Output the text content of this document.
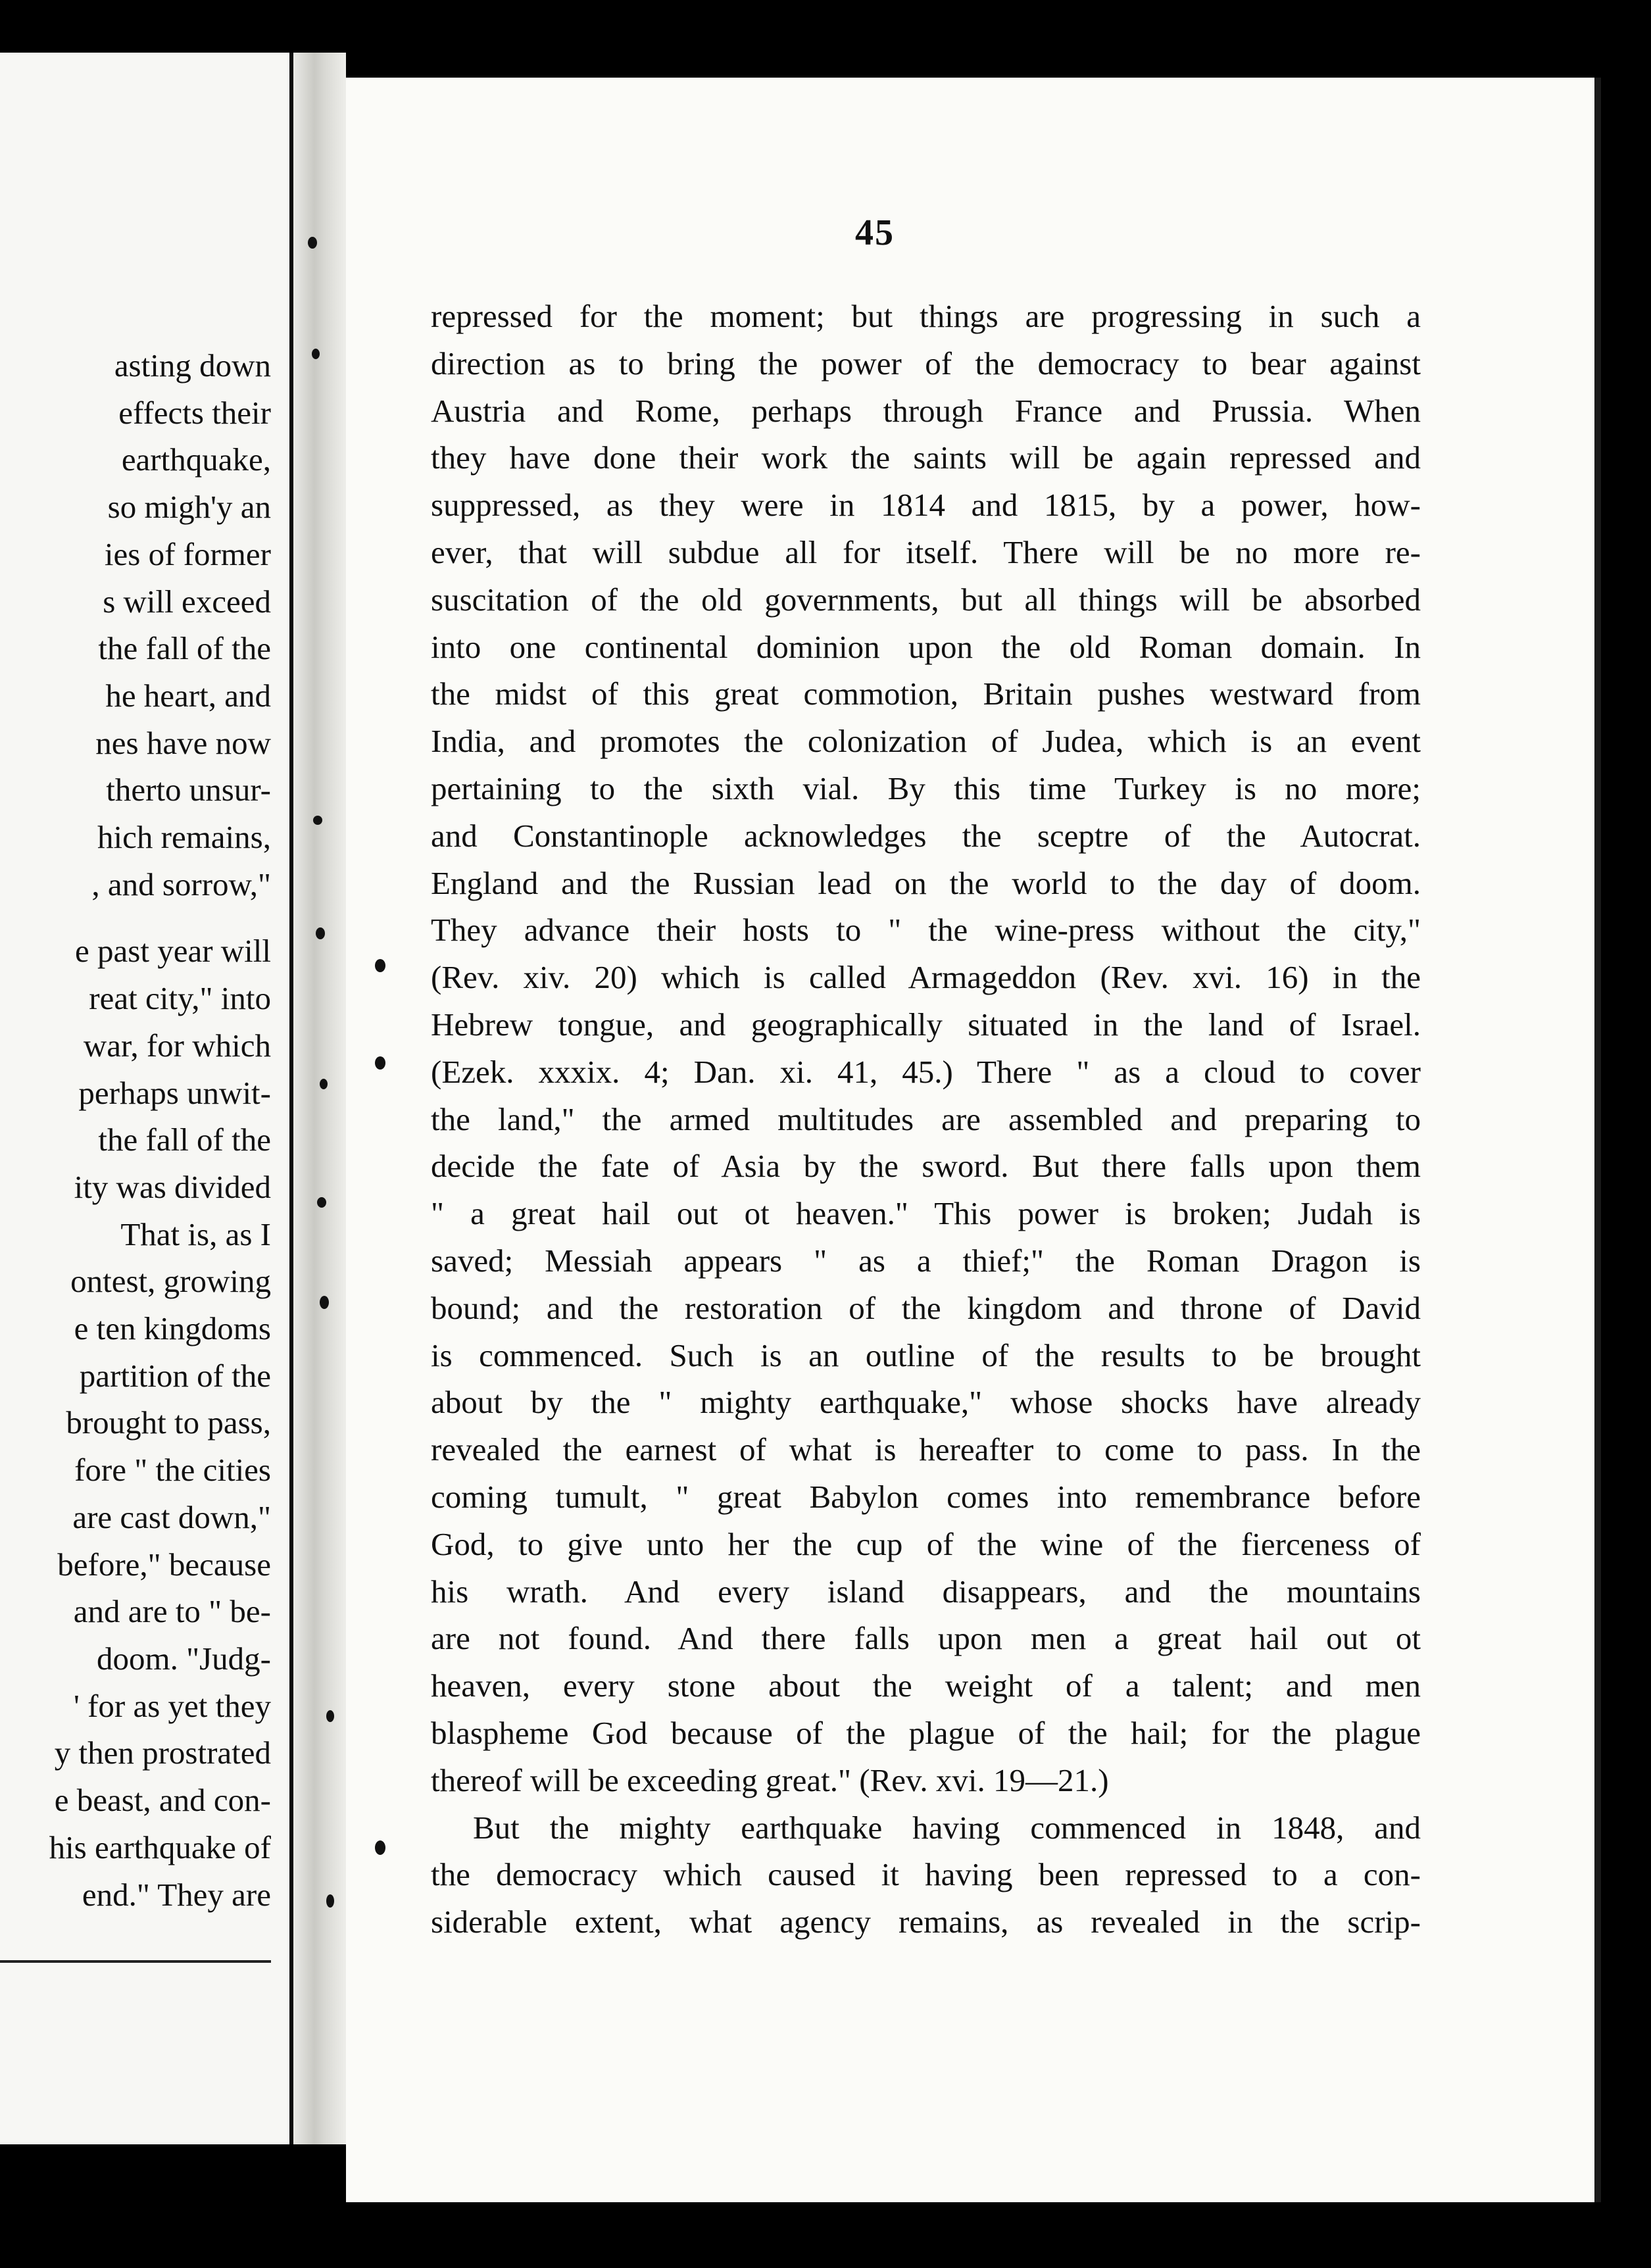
asting down
effects their
earthquake,
so migh'y an
ies of former
s will exceed
the fall of the
he heart, and
nes have now
therto unsur-
hich remains,
, and sorrow,"
e past year will
reat city," into
war, for which
perhaps unwit-
the fall of the
ity was divided
That is, as I
ontest, growing
e ten kingdoms
partition of the
brought to pass,
fore " the cities
are cast down,"
before," because
and are to " be-
doom. "Judg-
' for as yet they
y then prostrated
e beast, and con-
his earthquake of
end." They are
45
repressed for the moment; but things are progressing in such a
direction as to bring the power of the democracy to bear against
Austria and Rome, perhaps through France and Prussia. When
they have done their work the saints will be again repressed and
suppressed, as they were in 1814 and 1815, by a power, how-
ever, that will subdue all for itself. There will be no more re-
suscitation of the old governments, but all things will be absorbed
into one continental dominion upon the old Roman domain. In
the midst of this great commotion, Britain pushes westward from
India, and promotes the colonization of Judea, which is an event
pertaining to the sixth vial. By this time Turkey is no more;
and Constantinople acknowledges the sceptre of the Autocrat.
England and the Russian lead on the world to the day of doom.
They advance their hosts to " the wine-press without the city,"
(Rev. xiv. 20) which is called Armageddon (Rev. xvi. 16) in the
Hebrew tongue, and geographically situated in the land of Israel.
(Ezek. xxxix. 4; Dan. xi. 41, 45.) There " as a cloud to cover
the land," the armed multitudes are assembled and preparing to
decide the fate of Asia by the sword. But there falls upon them
" a great hail out ot heaven." This power is broken; Judah is
saved; Messiah appears " as a thief;" the Roman Dragon is
bound; and the restoration of the kingdom and throne of David
is commenced. Such is an outline of the results to be brought
about by the " mighty earthquake," whose shocks have already
revealed the earnest of what is hereafter to come to pass. In the
coming tumult, " great Babylon comes into remembrance before
God, to give unto her the cup of the wine of the fierceness of
his wrath. And every island disappears, and the mountains
are not found. And there falls upon men a great hail out ot
heaven, every stone about the weight of a talent; and men
blaspheme God because of the plague of the hail; for the plague
thereof will be exceeding great." (Rev. xvi. 19—21.)
But the mighty earthquake having commenced in 1848, and
the democracy which caused it having been repressed to a con-
siderable extent, what agency remains, as revealed in the scrip-
